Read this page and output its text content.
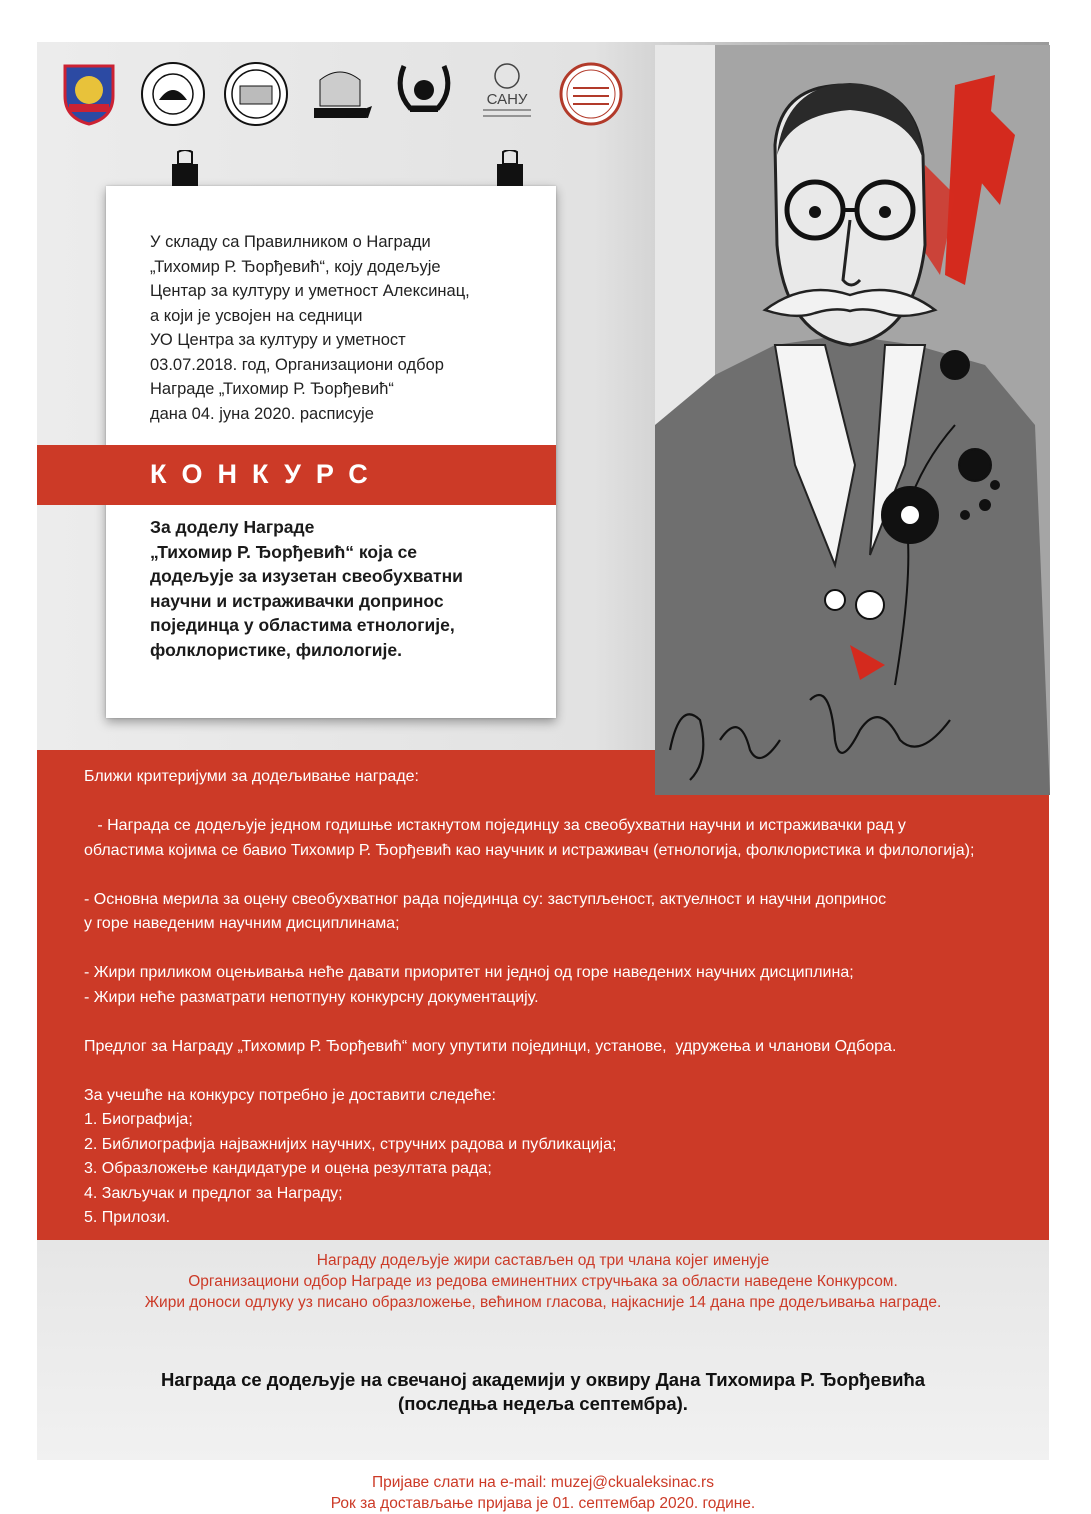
САНУ
У складу са Правилником о Награди
„Тихомир Р. Ђорђевић“, коју додељује
Центар за културу и уметност Алексинац,
а који је усвојен на седници
УО Центра за културу и уметност
03.07.2018. год, Организациони одбор
Награде „Тихомир Р. Ђорђевић“
дана 04. јуна 2020. расписује
КОНКУРС
За доделу Награде
„Тихомир Р. Ђорђевић“ која се
додељује за изузетан свеобухватни
научни и истраживачки допринос
појединца у областима етнологије,
фолклористике, филологије.
Ближи критеријуми за додељивање награде:
- Награда се додељује једном годишње истакнутом појединцу за свеобухватни научни и истраживачки рад у
областима којима се бавио Тихомир Р. Ђорђевић као научник и истраживач (етнологија, фолклористика и филологија);
- Основна мерила за оцену свеобухватног рада појединца су: заступљеност, актуелност и научни допринос
у горе наведеним научним дисциплинама;
- Жири приликом оцењивања неће давати приоритет ни једној од горе наведених научних дисциплина;
- Жири неће разматрати непотпуну конкурсну документацију.
Предлог за Награду „Тихомир Р. Ђорђевић“ могу упутити појединци, установе,  удружења и чланови Одбора.
За учешће на конкурсу потребно је доставити следеће:
1. Биографија;
2. Библиографија најважнијих научних, стручних радова и публикација;
3. Образложење кандидатуре и оцена резултата рада;
4. Закључак и предлог за Награду;
5. Прилози.
Награду додељује жири састављен од три члана којег именује
Организациони одбор Награде из редова еминентних стручњака за области наведене Конкурсом.
Жири доноси одлуку уз писано образложење, већином гласова, најкасније 14 дана пре додељивања награде.
Награда се додељује на свечаној академији у оквиру Дана Тихомира Р. Ђорђевића
(последња недеља септембра).
Пријаве слати на e-mail: muzej@ckualeksinac.rs
Рок за достављање пријава је 01. септембар 2020. године.
